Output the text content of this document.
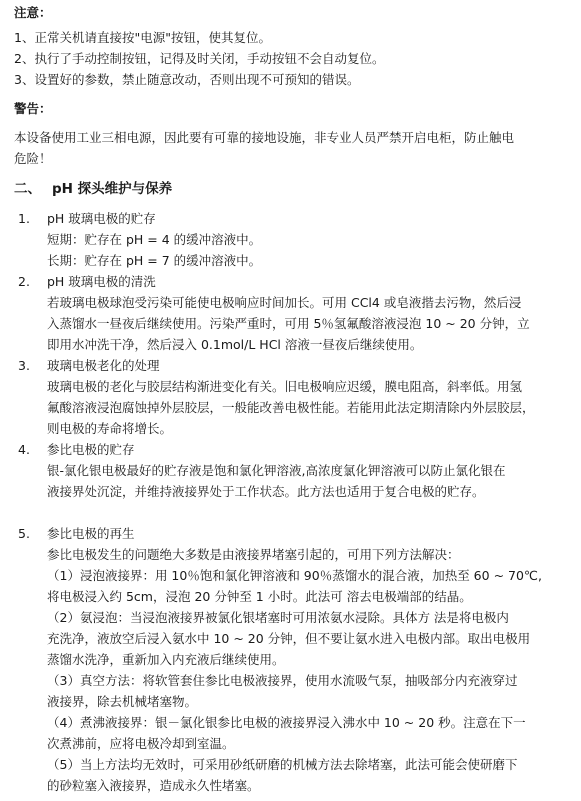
注意：
1、正常关机请直接按"电源"按钮，使其复位。
2、执行了手动控制按钮，记得及时关闭，手动按钮不会自动复位。
3、设置好的参数，禁止随意改动，否则出现不可预知的错误。
警告：
本设备使用工业三相电源，因此要有可靠的接地设施，非专业人员严禁开启电柜，防止触电
危险！
二、 pH 探头维护与保养
1.	pH 玻璃电极的贮存
短期：贮存在 pH = 4 的缓冲溶液中。
长期：贮存在 pH = 7 的缓冲溶液中。
2.	pH 玻璃电极的清洗
若玻璃电极球泡受污染可能使电极响应时间加长。可用 CCl4 或皂液揩去污物，然后浸
入蒸馏水一昼夜后继续使用。污染严重时，可用 5％氢氟酸溶液浸泡 10 ~ 20 分钟，立
即用水冲洗干净，然后浸入 0.1mol/L HCl 溶液一昼夜后继续使用。
3.	玻璃电极老化的处理
玻璃电极的老化与胶层结构渐进变化有关。旧电极响应迟缓，膜电阻高，斜率低。用氢
氟酸溶液浸泡腐蚀掉外层胶层，一般能改善电极性能。若能用此法定期清除内外层胶层，
则电极的寿命将增长。
4.	参比电极的贮存
银-氯化银电极最好的贮存液是饱和氯化钾溶液,高浓度氯化钾溶液可以防止氯化银在
液接界处沉淀，并维持液接界处于工作状态。此方法也适用于复合电极的贮存。
5.	参比电极的再生
参比电极发生的问题绝大多数是由液接界堵塞引起的，可用下列方法解决：
（1）浸泡液接界：用 10％饱和氯化钾溶液和 90％蒸馏水的混合液，加热至 60 ~ 70℃,
将电极浸入约 5cm，浸泡 20 分钟至 1 小时。此法可 溶去电极端部的结晶。
（2）氨浸泡：当浸泡液接界被氯化银堵塞时可用浓氨水浸除。具体方 法是将电极内
充洗净，液放空后浸入氨水中 10 ~ 20 分钟，但不要让氨水进入电极内部。取出电极用
蒸馏水洗净，重新加入内充液后继续使用。
（3）真空方法：将软管套住参比电极液接界，使用水流吸气泵，抽吸部分内充液穿过
液接界，除去机械堵塞物。
（4）煮沸液接界：银－氯化银参比电极的液接界浸入沸水中 10 ~ 20 秒。注意在下一
次煮沸前，应将电极冷却到室温。
（5）当上方法均无效时，可采用砂纸研磨的机械方法去除堵塞，此法可能会使研磨下
的砂粒塞入液接界，造成永久性堵塞。
